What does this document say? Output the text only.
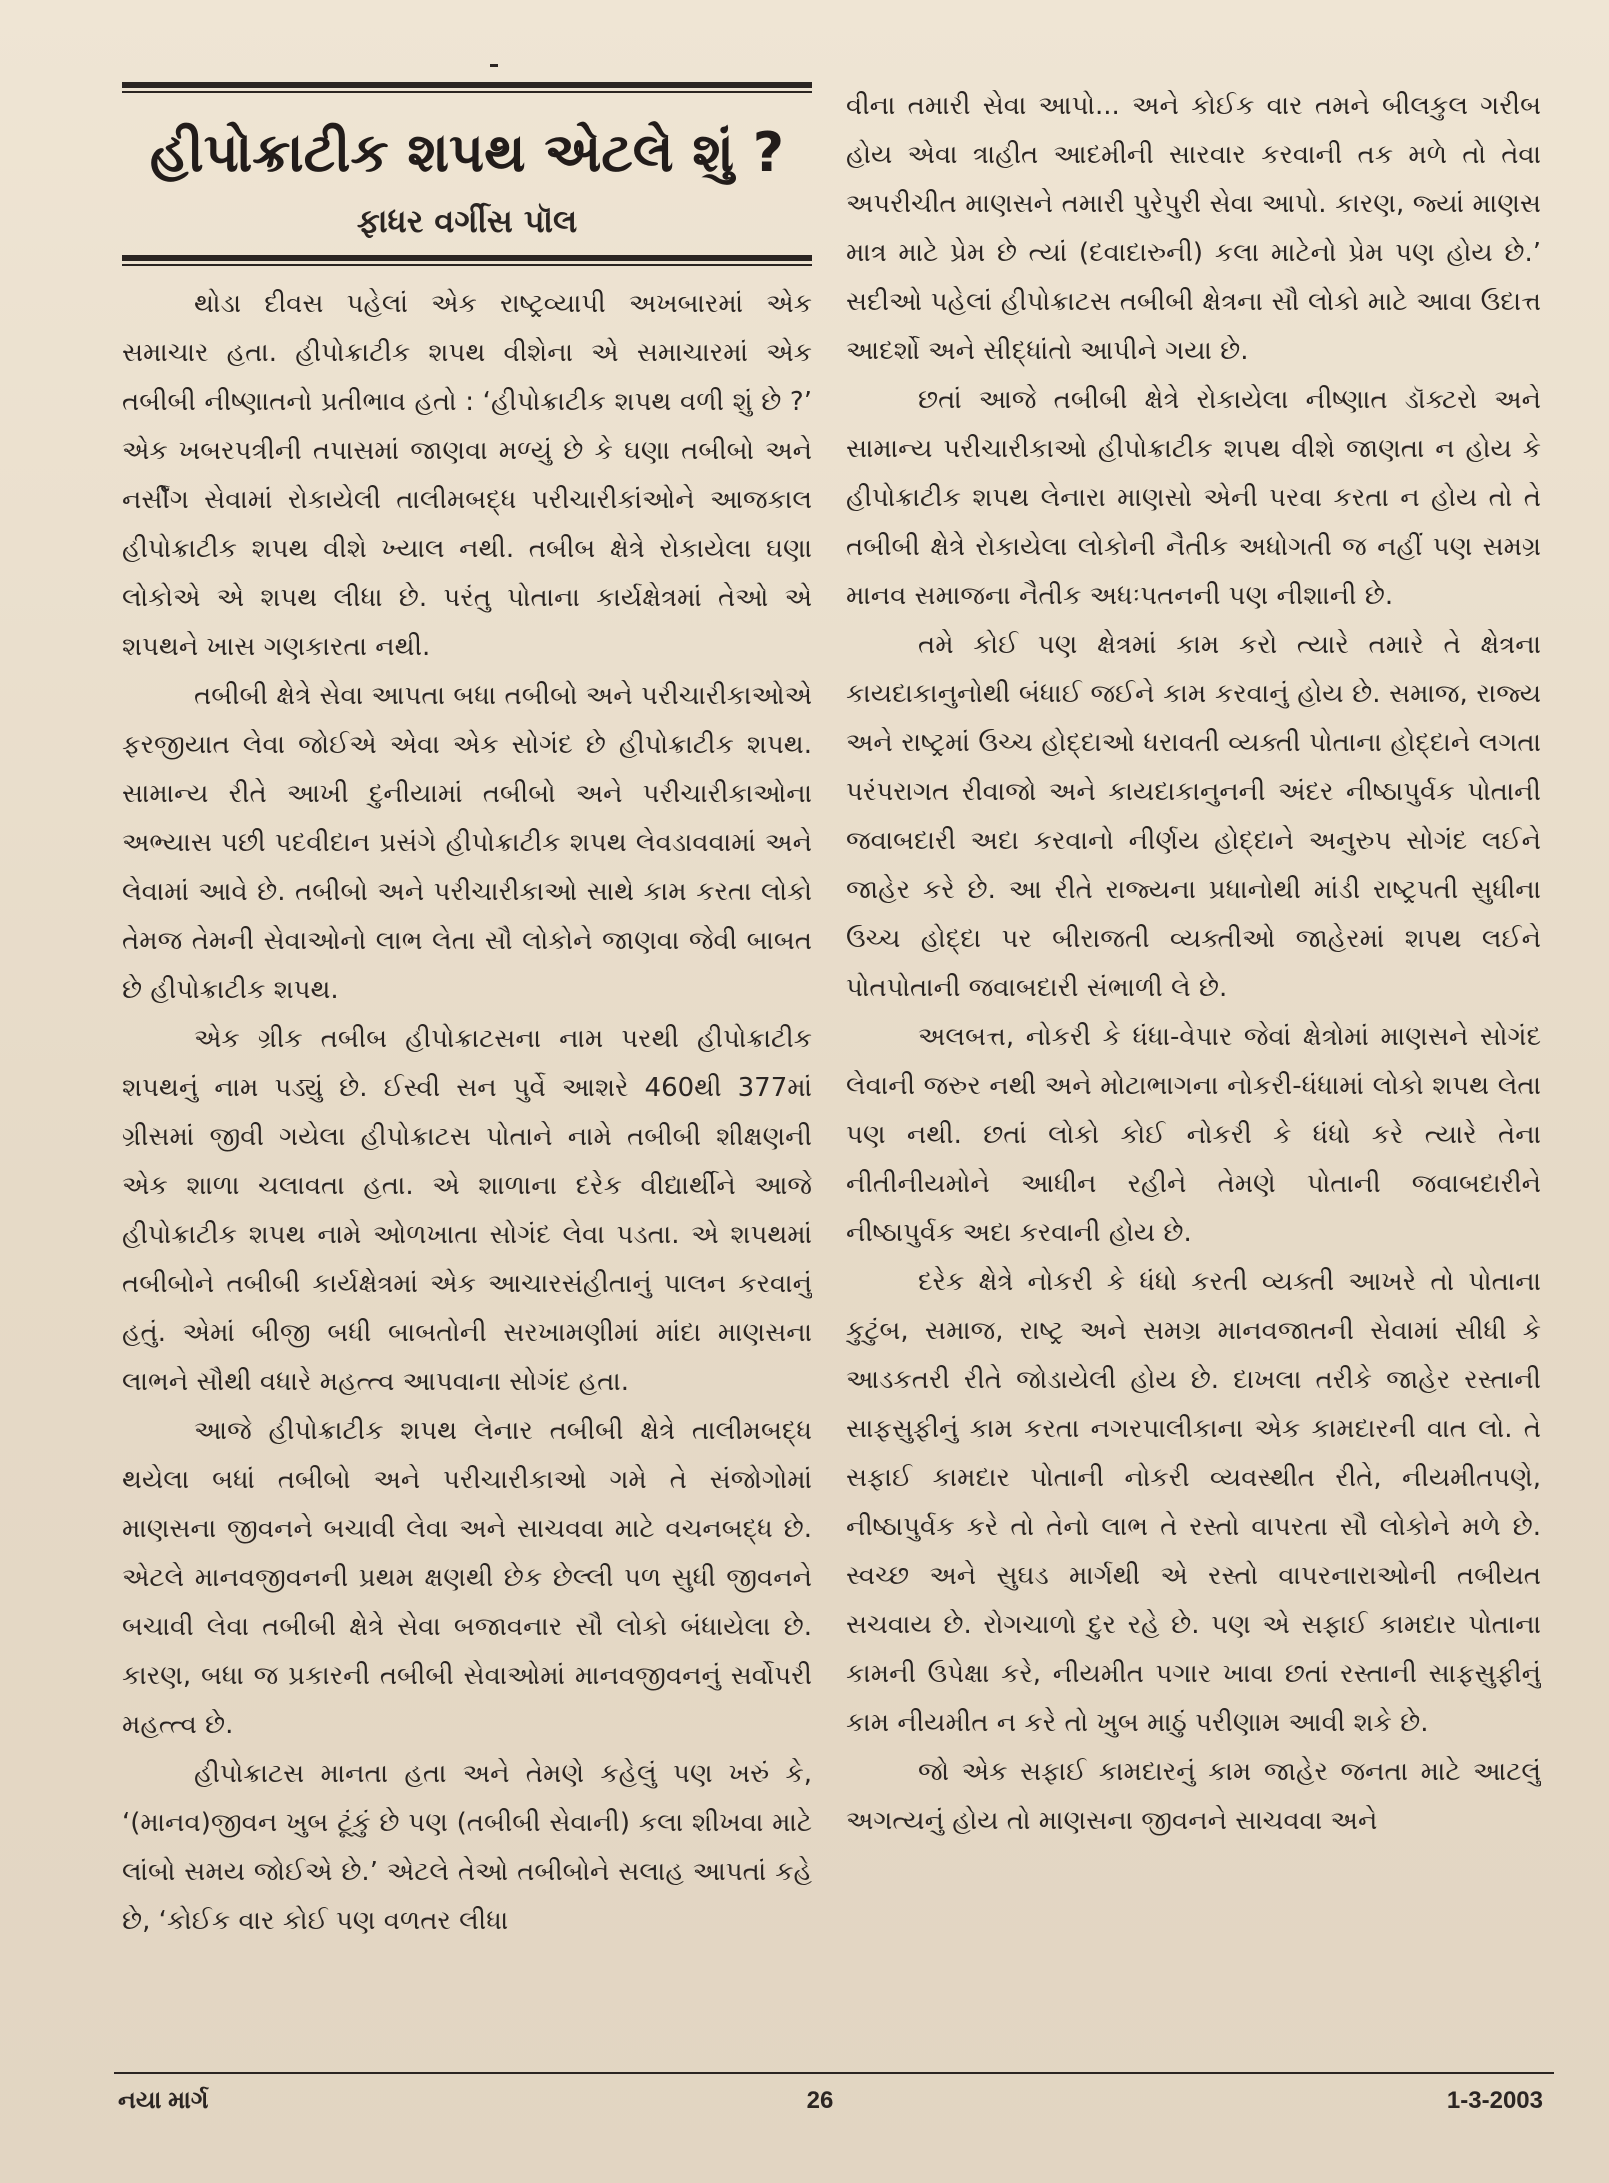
હીપોક્રાટીક શપથ એટલે શું ?
ફાધર વર્ગીસ પૉલ

થોડા દીવસ પહેલાં એક રાષ્ટ્રવ્યાપી અખબારમાં એક સમાચાર હતા. હીપોક્રાટીક શપથ વીશેના એ સમાચારમાં એક તબીબી નીષ્ણાતનો પ્રતીભાવ હતો : ‘હીપોક્રાટીક શપથ વળી શું છે ?’ એક ખબરપત્રીની તપાસમાં જાણવા મળ્યું છે કે ઘણા તબીબો અને નર્સીંગ સેવામાં રોકાયેલી તાલીમબદ્ધ પરીચારીકાંઓને આજકાલ હીપોક્રાટીક શપથ વીશે ખ્યાલ નથી. તબીબ ક્ષેત્રે રોકાયેલા ઘણા લોકોએ એ શપથ લીધા છે. પરંતુ પોતાના કાર્યક્ષેત્રમાં તેઓ એ શપથને ખાસ ગણકારતા નથી.

તબીબી ક્ષેત્રે સેવા આપતા બધા તબીબો અને પરીચારીકાઓએ ફરજીયાત લેવા જોઈએ એવા એક સોગંદ છે હીપોક્રાટીક શપથ. સામાન્ય રીતે આખી દુનીયામાં તબીબો અને પરીચારીકાઓના અભ્યાસ પછી પદવીદાન પ્રસંગે હીપોક્રાટીક શપથ લેવડાવવામાં અને લેવામાં આવે છે. તબીબો અને પરીચારીકાઓ સાથે કામ કરતા લોકો તેમજ તેમની સેવાઓનો લાભ લેતા સૌ લોકોને જાણવા જેવી બાબત છે હીપોક્રાટીક શપથ.

એક ગ્રીક તબીબ હીપોક્રાટસના નામ પરથી હીપોક્રાટીક શપથનું નામ પડ્યું છે. ઈસ્વી સન પુર્વે આશરે 460થી 377માં ગ્રીસમાં જીવી ગયેલા હીપોક્રાટસ પોતાને નામે તબીબી શીક્ષણની એક શાળા ચલાવતા હતા. એ શાળાના દરેક વીદ્યાર્થીને આજે હીપોક્રાટીક શપથ નામે ઓળખાતા સોગંદ લેવા પડતા. એ શપથમાં તબીબોને તબીબી કાર્યક્ષેત્રમાં એક આચારસંહીતાનું પાલન કરવાનું હતું. એમાં બીજી બધી બાબતોની સરખામણીમાં માંદા માણસના લાભને સૌથી વધારે મહત્ત્વ આપવાના સોગંદ હતા.

આજે હીપોક્રાટીક શપથ લેનાર તબીબી ક્ષેત્રે તાલીમબદ્ધ થયેલા બધાં તબીબો અને પરીચારીકાઓ ગમે તે સંજોગોમાં માણસના જીવનને બચાવી લેવા અને સાચવવા માટે વચનબદ્ધ છે. એટલે માનવજીવનની પ્રથમ ક્ષણથી છેક છેલ્લી પળ સુધી જીવનને બચાવી લેવા તબીબી ક્ષેત્રે સેવા બજાવનાર સૌ લોકો બંધાયેલા છે. કારણ, બધા જ પ્રકારની તબીબી સેવાઓમાં માનવજીવનનું સર્વોપરી મહત્ત્વ છે.

હીપોક્રાટસ માનતા હતા અને તેમણે કહેલું પણ ખરું કે, ‘(માનવ)જીવન ખુબ ટૂંકું છે પણ (તબીબી સેવાની) કલા શીખવા માટે લાંબો સમય જોઈએ છે.’ એટલે તેઓ તબીબોને સલાહ આપતાં કહે છે, ‘કોઈક વાર કોઈ પણ વળતર લીધા

વીના તમારી સેવા આપો... અને કોઈક વાર તમને બીલકુલ ગરીબ હોય એવા ત્રાહીત આદમીની સારવાર કરવાની તક મળે તો તેવા અપરીચીત માણસને તમારી પુરેપુરી સેવા આપો. કારણ, જ્યાં માણસ માત્ર માટે પ્રેમ છે ત્યાં (દવાદારુની) કલા માટેનો પ્રેમ પણ હોય છે.’ સદીઓ પહેલાં હીપોક્રાટસ તબીબી ક્ષેત્રના સૌ લોકો માટે આવા ઉદાત્ત આદર્શો અને સીદ્ધાંતો આપીને ગયા છે.

છતાં આજે તબીબી ક્ષેત્રે રોકાયેલા નીષ્ણાત ડૉક્ટરો અને સામાન્ય પરીચારીકાઓ હીપોક્રાટીક શપથ વીશે જાણતા ન હોય કે હીપોક્રાટીક શપથ લેનારા માણસો એની પરવા કરતા ન હોય તો તે તબીબી ક્ષેત્રે રોકાયેલા લોકોની નૈતીક અધોગતી જ નહીં પણ સમગ્ર માનવ સમાજના નૈતીક અધઃપતનની પણ નીશાની છે.

તમે કોઈ પણ ક્ષેત્રમાં કામ કરો ત્યારે તમારે તે ક્ષેત્રના કાયદાકાનુનોથી બંધાઈ જઈને કામ કરવાનું હોય છે. સમાજ, રાજ્ય અને રાષ્ટ્રમાં ઉચ્ચ હોદ્દાઓ ધરાવતી વ્યક્તી પોતાના હોદ્દાને લગતા પરંપરાગત રીવાજો અને કાયદાકાનુનની અંદર નીષ્ઠાપુર્વક પોતાની જવાબદારી અદા કરવાનો નીર્ણય હોદ્દાને અનુરુપ સોગંદ લઈને જાહેર કરે છે. આ રીતે રાજ્યના પ્રધાનોથી માંડી રાષ્ટ્રપતી સુધીના ઉચ્ચ હોદ્દા પર બીરાજતી વ્યક્તીઓ જાહેરમાં શપથ લઈને પોતપોતાની જવાબદારી સંભાળી લે છે.

અલબત્ત, નોકરી કે ધંધા-વેપાર જેવાં ક્ષેત્રોમાં માણસને સોગંદ લેવાની જરુર નથી અને મોટાભાગના નોકરી-ધંધામાં લોકો શપથ લેતા પણ નથી. છતાં લોકો કોઈ નોકરી કે ધંધો કરે ત્યારે તેના નીતીનીયમોને આધીન રહીને તેમણે પોતાની જવાબદારીને નીષ્ઠાપુર્વક અદા કરવાની હોય છે.

દરેક ક્ષેત્રે નોકરી કે ધંધો કરતી વ્યક્તી આખરે તો પોતાના કુટુંબ, સમાજ, રાષ્ટ્ર અને સમગ્ર માનવજાતની સેવામાં સીધી કે આડકતરી રીતે જોડાયેલી હોય છે. દાખલા તરીકે જાહેર રસ્તાની સાફસુફીનું કામ કરતા નગરપાલીકાના એક કામદારની વાત લો. તે સફાઈ કામદાર પોતાની નોકરી વ્યવસ્થીત રીતે, નીયમીતપણે, નીષ્ઠાપુર્વક કરે તો તેનો લાભ તે રસ્તો વાપરતા સૌ લોકોને મળે છે. સ્વચ્છ અને સુઘડ માર્ગથી એ રસ્તો વાપરનારાઓની તબીયત સચવાય છે. રોગચાળો દુર રહે છે. પણ એ સફાઈ કામદાર પોતાના કામની ઉપેક્ષા કરે, નીયમીત પગાર ખાવા છતાં રસ્તાની સાફસુફીનું કામ નીયમીત ન કરે તો ખુબ માઠું પરીણામ આવી શકે છે.

જો એક સફાઈ કામદારનું કામ જાહેર જનતા માટે આટલું અગત્યનું હોય તો માણસના જીવનને સાચવવા અને

નયા માર્ગ	26	1-3-2003
